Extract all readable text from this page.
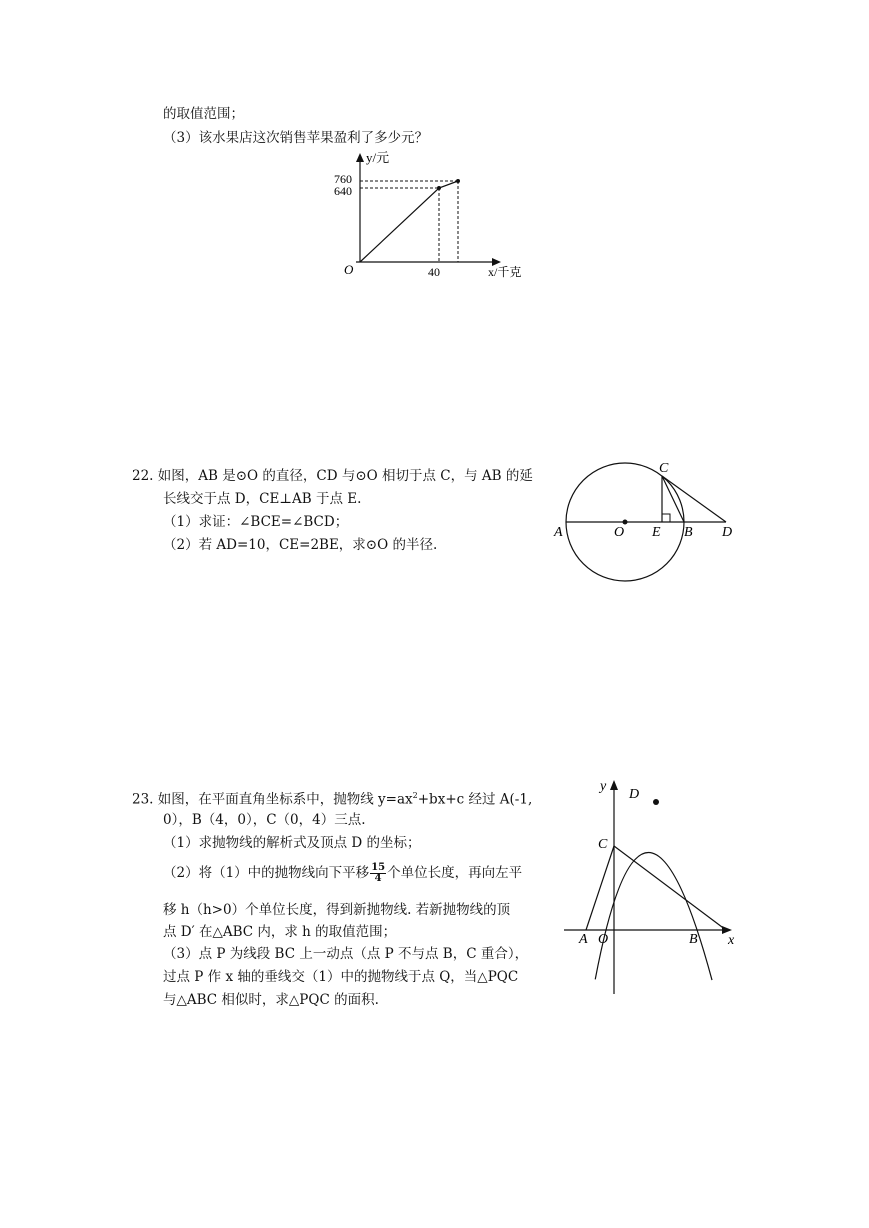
的取值范围；
（3）该水果店这次销售苹果盈利了多少元？
y/元
760
640
O	40	x/千克
22. 如图，AB 是⊙O 的直径，CD 与⊙O 相切于点 C，与 AB 的延
长线交于点 D，CE⊥AB 于点 E.
（1）求证：∠BCE=∠BCD；
（2）若 AD=10，CE=2BE，求⊙O 的半径.
A	O E B D
C
23. 如图，在平面直角坐标系中，抛物线 $y=ax^2+bx+c$ 经过 A(-1,
0），B（4，0），C（0，4）三点.
（1）求抛物线的解析式及顶点 D 的坐标；
（2）将（1）中的抛物线向下平移 $\frac{15}{4}$ 个单位长度，再向左平
移 h（h>0）个单位长度，得到新抛物线. 若新抛物线的顶
点 D′ 在△ABC 内，求 h 的取值范围；
（3）点 P 为线段 BC 上一动点（点 P 不与点 B，C 重合），
过点 P 作 x 轴的垂线交（1）中的抛物线于点 Q，当△PQC
与△ABC 相似时，求△PQC 的面积.
y
x
D
C
A O	B
